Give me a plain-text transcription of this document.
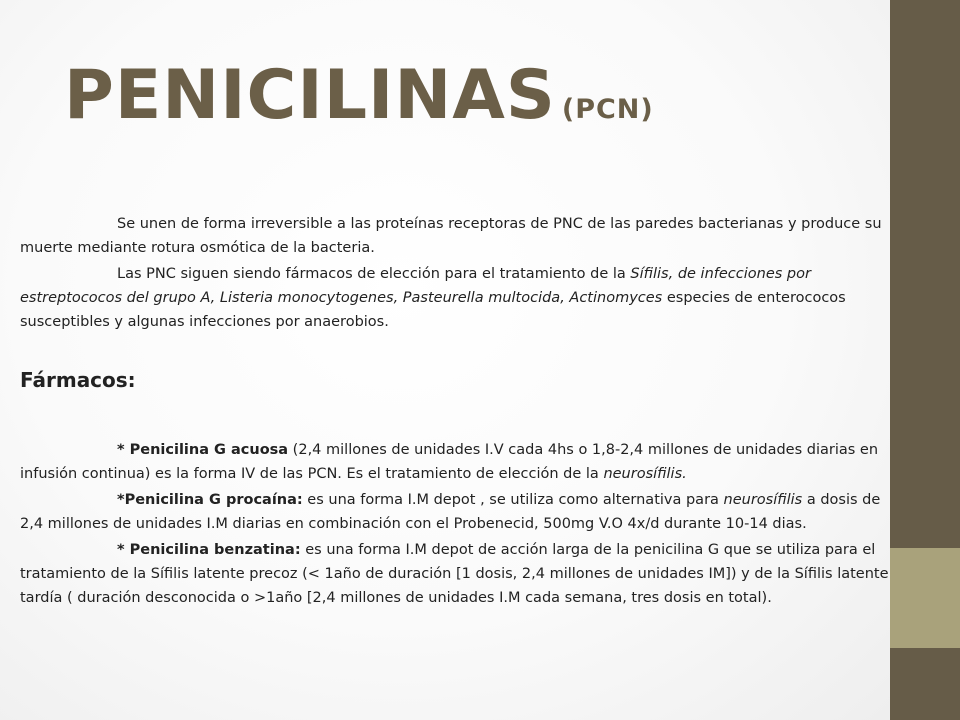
PENICILINAS (PCN)

Se unen de forma irreversible a las proteínas receptoras de PNC de las paredes bacterianas y produce su muerte mediante rotura osmótica de la bacteria.

Las PNC siguen siendo fármacos de elección para el tratamiento de la Sífilis, de infecciones por estreptococos del grupo A, Listeria monocytogenes, Pasteurella multocida, Actinomyces especies de enterococos susceptibles y algunas infecciones por anaerobios.

Fármacos:

* Penicilina G acuosa (2,4 millones de unidades I.V cada 4hs o 1,8-2,4 millones de unidades diarias en infusión continua) es la forma IV de las PCN. Es el tratamiento de elección de la neurosífilis.

*Penicilina G procaína: es una forma I.M depot , se utiliza como alternativa para neurosífilis a dosis de 2,4 millones de unidades I.M diarias en combinación con el Probenecid, 500mg V.O 4x/d durante 10-14 dias.

* Penicilina benzatina: es una forma I.M depot de acción larga de la penicilina G que se utiliza para el tratamiento de la Sífilis latente precoz (< 1año de duración [1 dosis, 2,4 millones de unidades IM]) y de la Sífilis latente tardía ( duración desconocida o >1año [2,4 millones de unidades I.M cada semana, tres dosis en total).
